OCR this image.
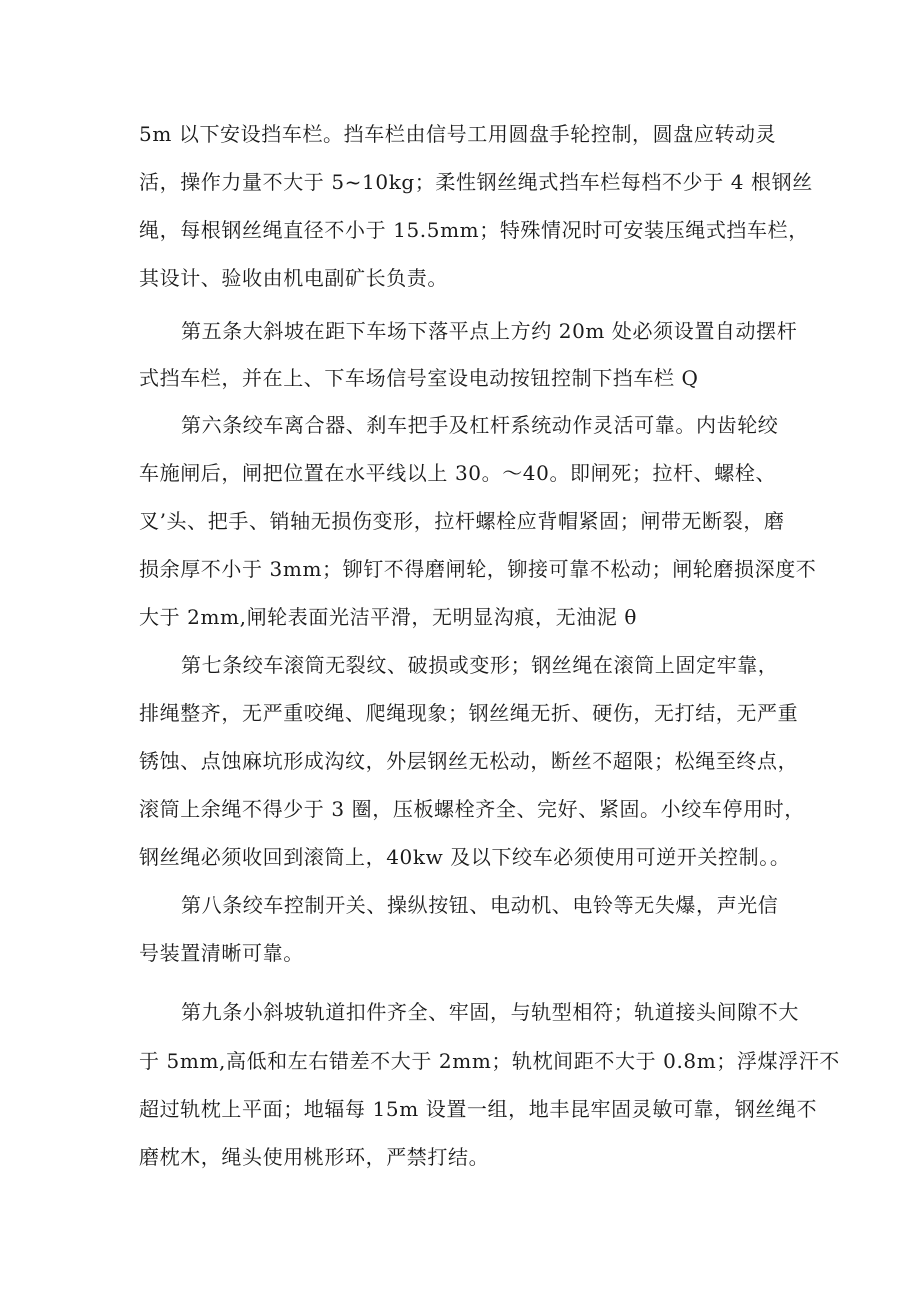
5m 以下安设挡车栏。挡车栏由信号工用圆盘手轮控制，圆盘应转动灵
活，操作力量不大于 5~10kg；柔性钢丝绳式挡车栏每档不少于 4 根钢丝
绳，每根钢丝绳直径不小于 15.5mm；特殊情况时可安装压绳式挡车栏，
其设计、验收由机电副矿长负责。
第五条大斜坡在距下车场下落平点上方约 20m 处必须设置自动摆杆
式挡车栏，并在上、下车场信号室设电动按钮控制下挡车栏 Q
第六条绞车离合器、刹车把手及杠杆系统动作灵活可靠。内齿轮绞
车施闸后，闸把位置在水平线以上 30。～40。即闸死；拉杆、螺栓、
叉’头、把手、销轴无损伤变形，拉杆螺栓应背帽紧固；闸带无断裂，磨
损余厚不小于 3mm；铆钉不得磨闸轮，铆接可靠不松动；闸轮磨损深度不
大于 2mm,闸轮表面光洁平滑，无明显沟痕，无油泥 θ
第七条绞车滚筒无裂纹、破损或变形；钢丝绳在滚筒上固定牢靠，
排绳整齐，无严重咬绳、爬绳现象；钢丝绳无折、硬伤，无打结，无严重
锈蚀、点蚀麻坑形成沟纹，外层钢丝无松动，断丝不超限；松绳至终点，
滚筒上余绳不得少于 3 圈，压板螺栓齐全、完好、紧固。小绞车停用时，
钢丝绳必须收回到滚筒上，40kw 及以下绞车必须使用可逆开关控制。。
第八条绞车控制开关、操纵按钮、电动机、电铃等无失爆，声光信
号装置清晰可靠。
第九条小斜坡轨道扣件齐全、牢固，与轨型相符；轨道接头间隙不大
于 5mm,高低和左右错差不大于 2mm；轨枕间距不大于 0.8m；浮煤浮汗不
超过轨枕上平面；地辐每 15m 设置一组，地丰昆牢固灵敏可靠，钢丝绳不
磨枕木，绳头使用桃形环，严禁打结。
